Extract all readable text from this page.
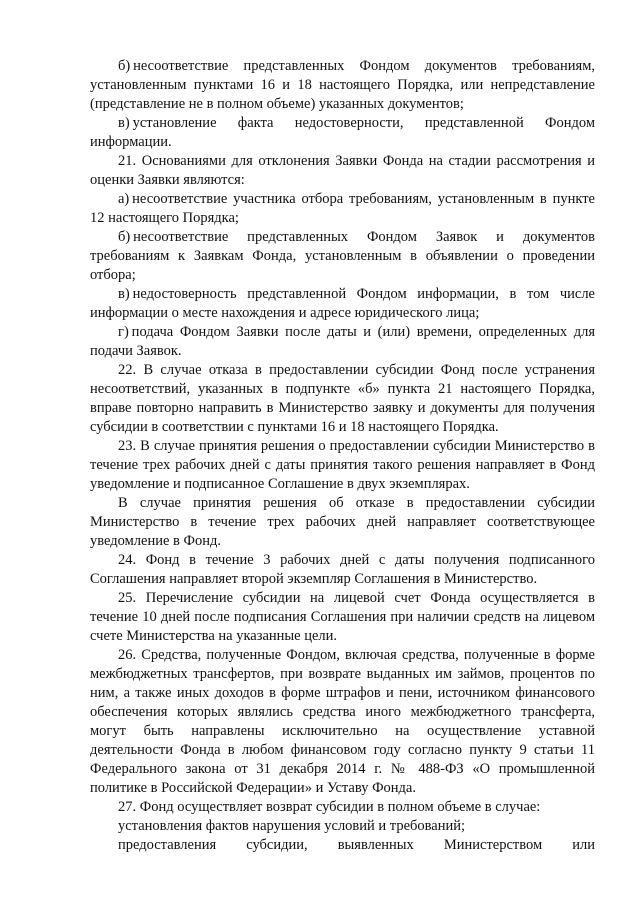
б) несоответствие представленных Фондом документов требованиям, установленным пунктами 16 и 18 настоящего Порядка, или непредставление (представление не в полном объеме) указанных документов;

в) установление факта недостоверности, представленной Фондом информации.

21. Основаниями для отклонения Заявки Фонда на стадии рассмотрения и оценки Заявки являются:

а) несоответствие участника отбора требованиям, установленным в пункте 12 настоящего Порядка;

б) несоответствие представленных Фондом Заявок и документов требованиям к Заявкам Фонда, установленным в объявлении о проведении отбора;

в) недостоверность представленной Фондом информации, в том числе информации о месте нахождения и адресе юридического лица;

г) подача Фондом Заявки после даты и (или) времени, определенных для подачи Заявок.

22. В случае отказа в предоставлении субсидии Фонд после устранения несоответствий, указанных в подпункте «б» пункта 21 настоящего Порядка, вправе повторно направить в Министерство заявку и документы для получения субсидии в соответствии с пунктами 16 и 18 настоящего Порядка.

23. В случае принятия решения о предоставлении субсидии Министерство в течение трех рабочих дней с даты принятия такого решения направляет в Фонд уведомление и подписанное Соглашение в двух экземплярах.

В случае принятия решения об отказе в предоставлении субсидии Министерство в течение трех рабочих дней направляет соответствующее уведомление в Фонд.

24. Фонд в течение 3 рабочих дней с даты получения подписанного Соглашения направляет второй экземпляр Соглашения в Министерство.

25. Перечисление субсидии на лицевой счет Фонда осуществляется в течение 10 дней после подписания Соглашения при наличии средств на лицевом счете Министерства на указанные цели.

26. Средства, полученные Фондом, включая средства, полученные в форме межбюджетных трансфертов, при возврате выданных им займов, процентов по ним, а также иных доходов в форме штрафов и пени, источником финансового обеспечения которых являлись средства иного межбюджетного трансферта, могут быть направлены исключительно на осуществление уставной деятельности Фонда в любом финансовом году согласно пункту 9 статьи 11 Федерального закона от 31 декабря 2014 г. № 488-ФЗ «О промышленной политике в Российской Федерации» и Уставу Фонда.

27. Фонд осуществляет возврат субсидии в полном объеме в случае:

установления фактов нарушения условий и требований;

предоставления субсидии, выявленных Министерством или
